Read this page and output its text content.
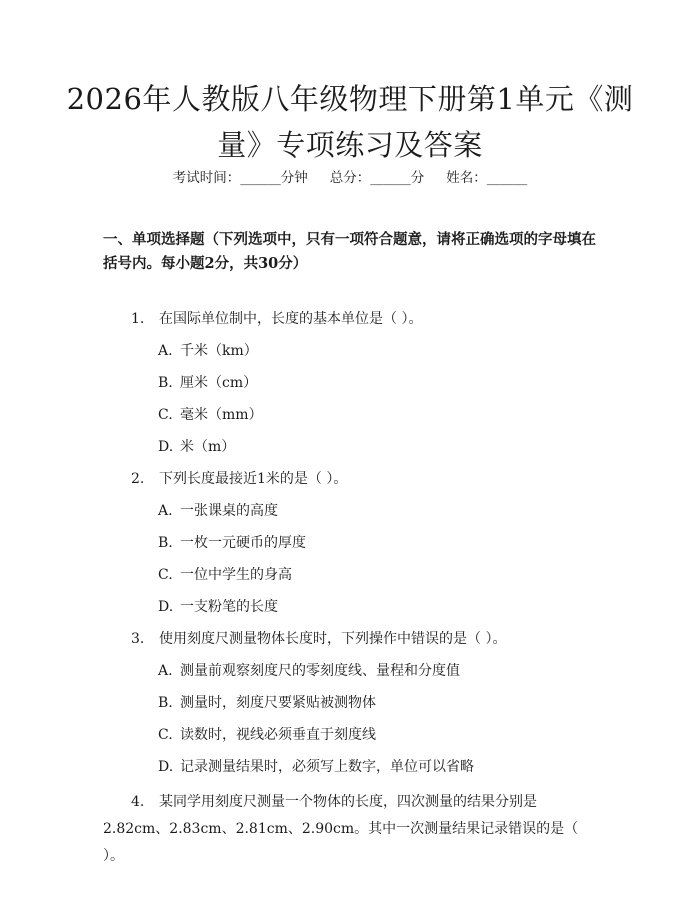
2026年人教版八年级物理下册第1单元《测量》专项练习及答案
考试时间：______分钟 总分：______分 姓名：______

一、单项选择题（下列选项中，只有一项符合题意，请将正确选项的字母填在括号内。每小题2分，共30分）

1. 在国际单位制中，长度的基本单位是（ ）。
A. 千米（km）
B. 厘米（cm）
C. 毫米（mm）
D. 米（m）
2. 下列长度最接近1米的是（ ）。
A. 一张课桌的高度
B. 一枚一元硬币的厚度
C. 一位中学生的身高
D. 一支粉笔的长度
3. 使用刻度尺测量物体长度时，下列操作中错误的是（ ）。
A. 测量前观察刻度尺的零刻度线、量程和分度值
B. 测量时，刻度尺要紧贴被测物体
C. 读数时，视线必须垂直于刻度线
D. 记录测量结果时，必须写上数字，单位可以省略
4. 某同学用刻度尺测量一个物体的长度，四次测量的结果分别是2.82cm、2.83cm、2.81cm、2.90cm。其中一次测量结果记录错误的是（ ）。
